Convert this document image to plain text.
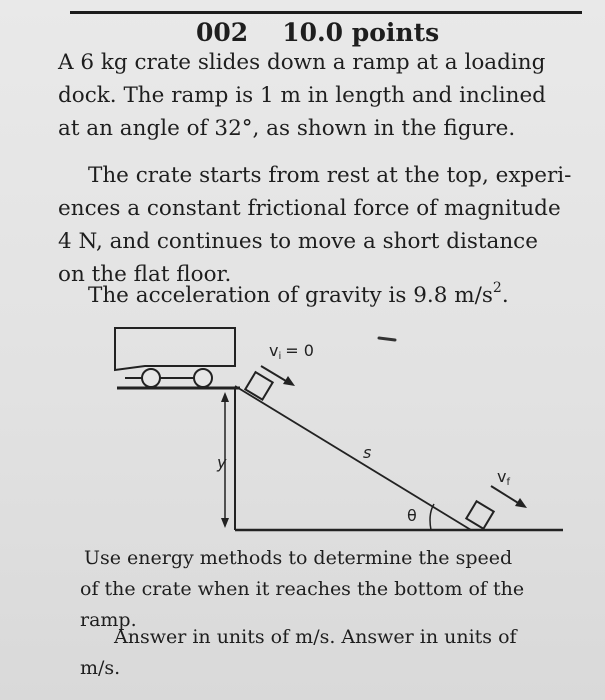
002 10.0 points
A 6 kg crate slides down a ramp at a loading
dock. The ramp is 1 m in length and inclined
at an angle of 32°, as shown in the figure.
The crate starts from rest at the top, experi-
ences a constant frictional force of magnitude
4 N, and continues to move a short distance
on the flat floor.
The acceleration of gravity is 9.8 $m/s^2$.
y
vi = 0
s
vf
θ
Use energy methods to determine the speed
of the crate when it reaches the bottom of the
ramp.
Answer in units of m/s. Answer in units of
m/s.
